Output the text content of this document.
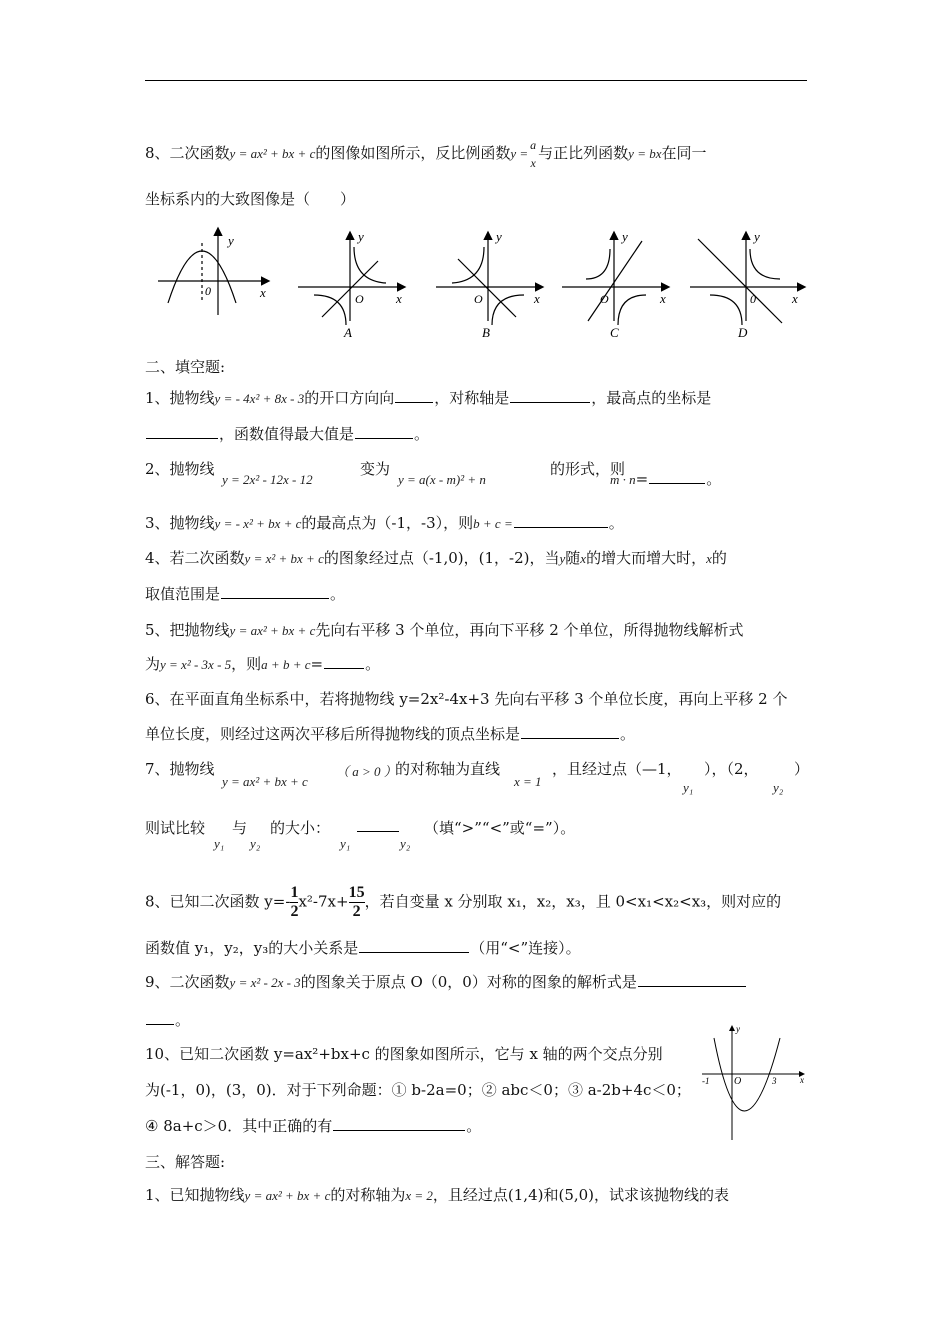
8、二次函数y = ax² + bx + c的图像如图所示，反比例函数y =
a
x
与正比列函数y = bx在同一
坐标系内的大致图像是（　　）
y
x
0
y
x
O
A
y
x
O
B
y
x
O
C
y
x
0
D
二、填空题:
1、抛物线y = - 4x² + 8x - 3的开口方向向	，对称轴是	，最高点的坐标是
，函数值得最大值是	。
2、抛物线
y = 2x² - 12x - 12
变为
y = a(x - m)² + n
的形式，则
m · n=	。
3、抛物线y = - x² + bx + c的最高点为（-1，-3），则b + c =	。
4、若二次函数y = x² + bx + c的图象经过点（-1,0)，(1，-2)，当y随x的增大而增大时，x的
取值范围是	。
5、把抛物线y = ax² + bx + c先向右平移 3 个单位，再向下平移 2 个单位，所得抛物线解析式
为y = x² - 3x - 5，则a + b + c=	。
6、在平面直角坐标系中，若将抛物线 y=2x²-4x+3 先向右平移 3 个单位长度，再向上平移 2 个
单位长度，则经过这两次平移后所得抛物线的顶点坐标是	。
7、抛物线
y = ax² + bx + c
（ a > 0 ）
的对称轴为直线
x = 1
，且经过点（—1，
y₁
），（2，
y₂
）
则试比较
y₁
与
y₂
的大小：
y₁	y₂
（填“>”“<”或“=”）。
8、已知二次函数 $y=- \frac{1}{2} x^2-7x+ \frac{15}{2}$ ，若自变量 x 分别取 x₁，x₂，x₃，且 0<x₁<x₂<x₃，则对应的
函数值 y₁，y₂，y₃的大小关系是	（用“<”连接）。
9、二次函数y = x² - 2x - 3的图象关于原点 O（0，0）对称的图象的解析式是
。
10、已知二次函数 y=ax²+bx+c 的图象如图所示，它与 x 轴的两个交点分别
为(-1，0)，(3，0)．对于下列命题：① b-2a=0；② abc＜0；③ a-2b+4c＜0；
④ 8a+c＞0．其中正确的有	。
y
x
O
-1	3
三、解答题:
1、已知抛物线y = ax² + bx + c的对称轴为x = 2，且经过点(1,4)和(5,0)，试求该抛物线的表
